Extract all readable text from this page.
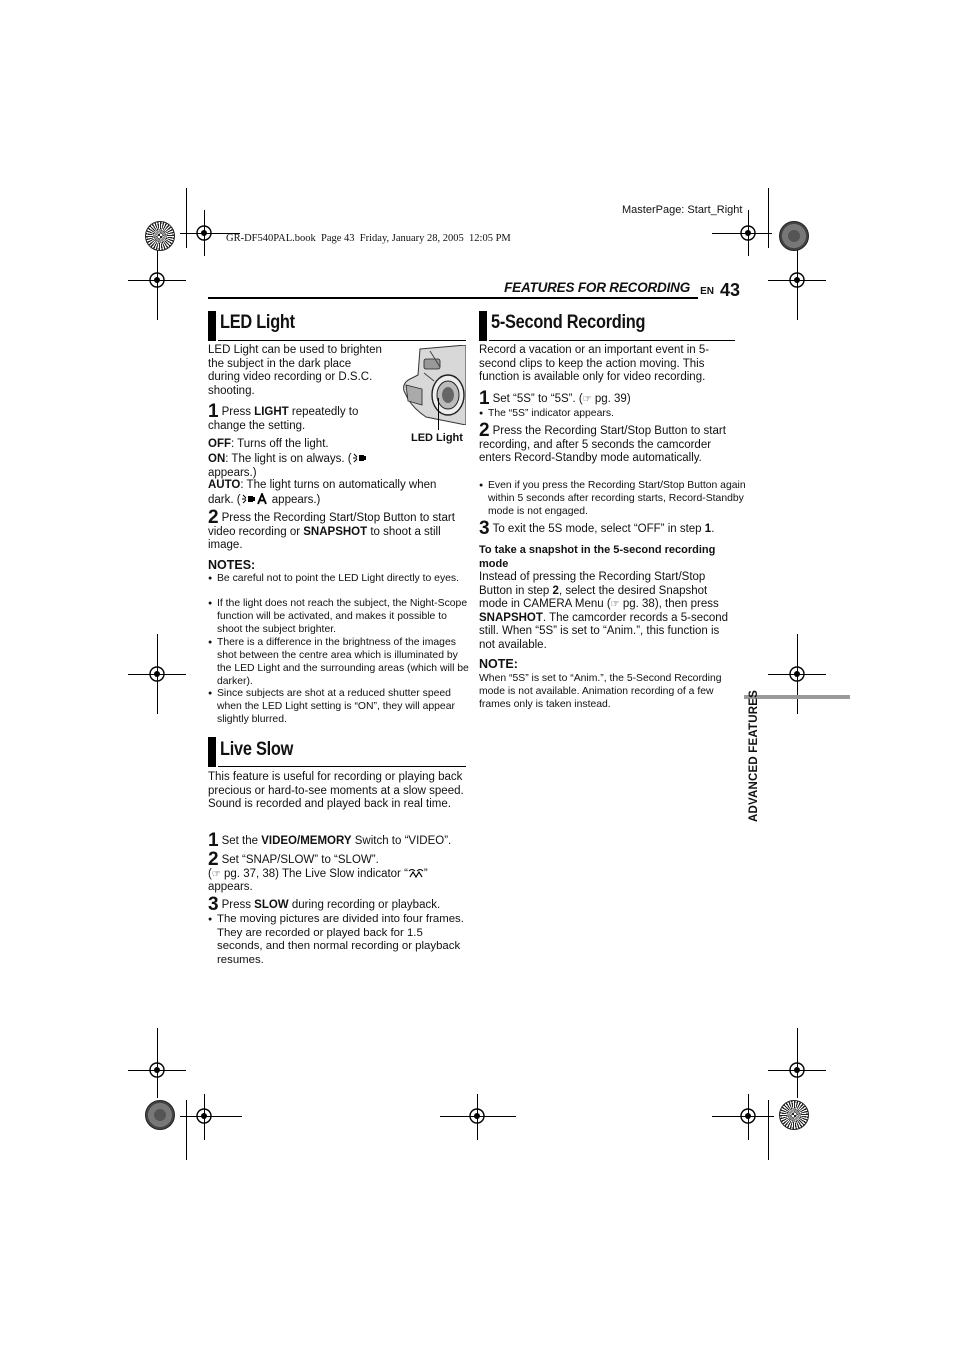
MasterPage: Start_Right
GR-DF540PAL.book  Page 43  Friday, January 28, 2005  12:05 PM
FEATURES FOR RECORDING EN 43
ADVANCED FEATURES
LED Light
LED Light can be used to brighten the subject in the dark place during video recording or D.S.C. shooting.
LED Light
1 Press LIGHT repeatedly to change the setting.
OFF: Turns off the light.
ON: The light is on always. (
appears.)
AUTO: The light turns on automatically when dark. ( appears.)
2 Press the Recording Start/Stop Button to start video recording or SNAPSHOT to shoot a still image.
NOTES:
● Be careful not to point the LED Light directly to eyes.
● If the light does not reach the subject, the Night-Scope function will be activated, and makes it possible to shoot the subject brighter.
● There is a difference in the brightness of the images shot between the centre area which is illuminated by the LED Light and the surrounding areas (which will be darker).
● Since subjects are shot at a reduced shutter speed when the LED Light setting is “ON”, they will appear slightly blurred.
Live Slow
This feature is useful for recording or playing back precious or hard-to-see moments at a slow speed. Sound is recorded and played back in real time.
1 Set the VIDEO/MEMORY Switch to “VIDEO”.
2 Set “SNAP/SLOW” to “SLOW”.
(☞ pg. 37, 38) The Live Slow indicator “ ” appears.
3 Press SLOW during recording or playback.
● The moving pictures are divided into four frames. They are recorded or played back for 1.5 seconds, and then normal recording or playback resumes.
5-Second Recording
Record a vacation or an important event in 5-second clips to keep the action moving. This function is available only for video recording.
1 Set “5S” to “5S”. (☞ pg. 39)
● The “5S” indicator appears.
2 Press the Recording Start/Stop Button to start recording, and after 5 seconds the camcorder enters Record-Standby mode automatically.
● Even if you press the Recording Start/Stop Button again within 5 seconds after recording starts, Record-Standby mode is not engaged.
3 To exit the 5S mode, select “OFF” in step 1.
To take a snapshot in the 5-second recording mode
Instead of pressing the Recording Start/Stop Button in step 2, select the desired Snapshot mode in CAMERA Menu (☞ pg. 38), then press SNAPSHOT. The camcorder records a 5-second still. When “5S” is set to “Anim.”, this function is not available.
NOTE:
When “5S” is set to “Anim.”, the 5-Second Recording mode is not available. Animation recording of a few frames only is taken instead.
